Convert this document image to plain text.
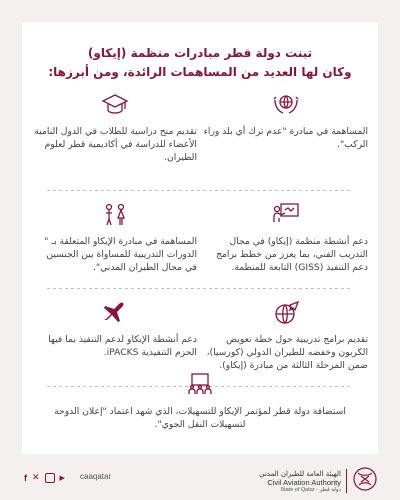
تبنت دولة قطر مبادرات منظمة (إيكاو)
وكان لها العديد من المساهمات الرائدة، ومن أبرزها:
المساهمة في مبادرة "عدم ترك أي بلد وراء الركب".
تقديم منح دراسية للطلاب في الدول النامية الأعضاء للدراسة في أكاديمية قطر لعلوم الطيران.
دعم أنشطة منظمة (إيكاو) في مجال التدريب الفني، بما يعزز من خطط برامج دعم التنفيذ (GISS) التابعة للمنظمة.
المساهمة في مبادرة الإيكاو المتعلقة بـ " الدورات التدريبية للمساواة بين الجنسين في مجال الطيران المدني".
تقديم برامج تدريبية حول خطة تعويض الكربون وخفضه للطيران الدولي (كورسيا)، ضمن المرحلة الثالثة من مبادرة (إيكاو).
دعم أنشطة الإيكاو لدعم التنفيذ بما فيها الحزم التنفيذية iPACKS.
استضافة دولة قطر لمؤتمر الإيكاو للتسهيلات، الذي شهد اعتماد "إعلان الدوحة لتسهيلات النقل الجوي".
f ✕	▶ caaqatar	الهيئة العامة للطيران المدني
Civil Aviation Authority
State of Qatar - دولة قطر
